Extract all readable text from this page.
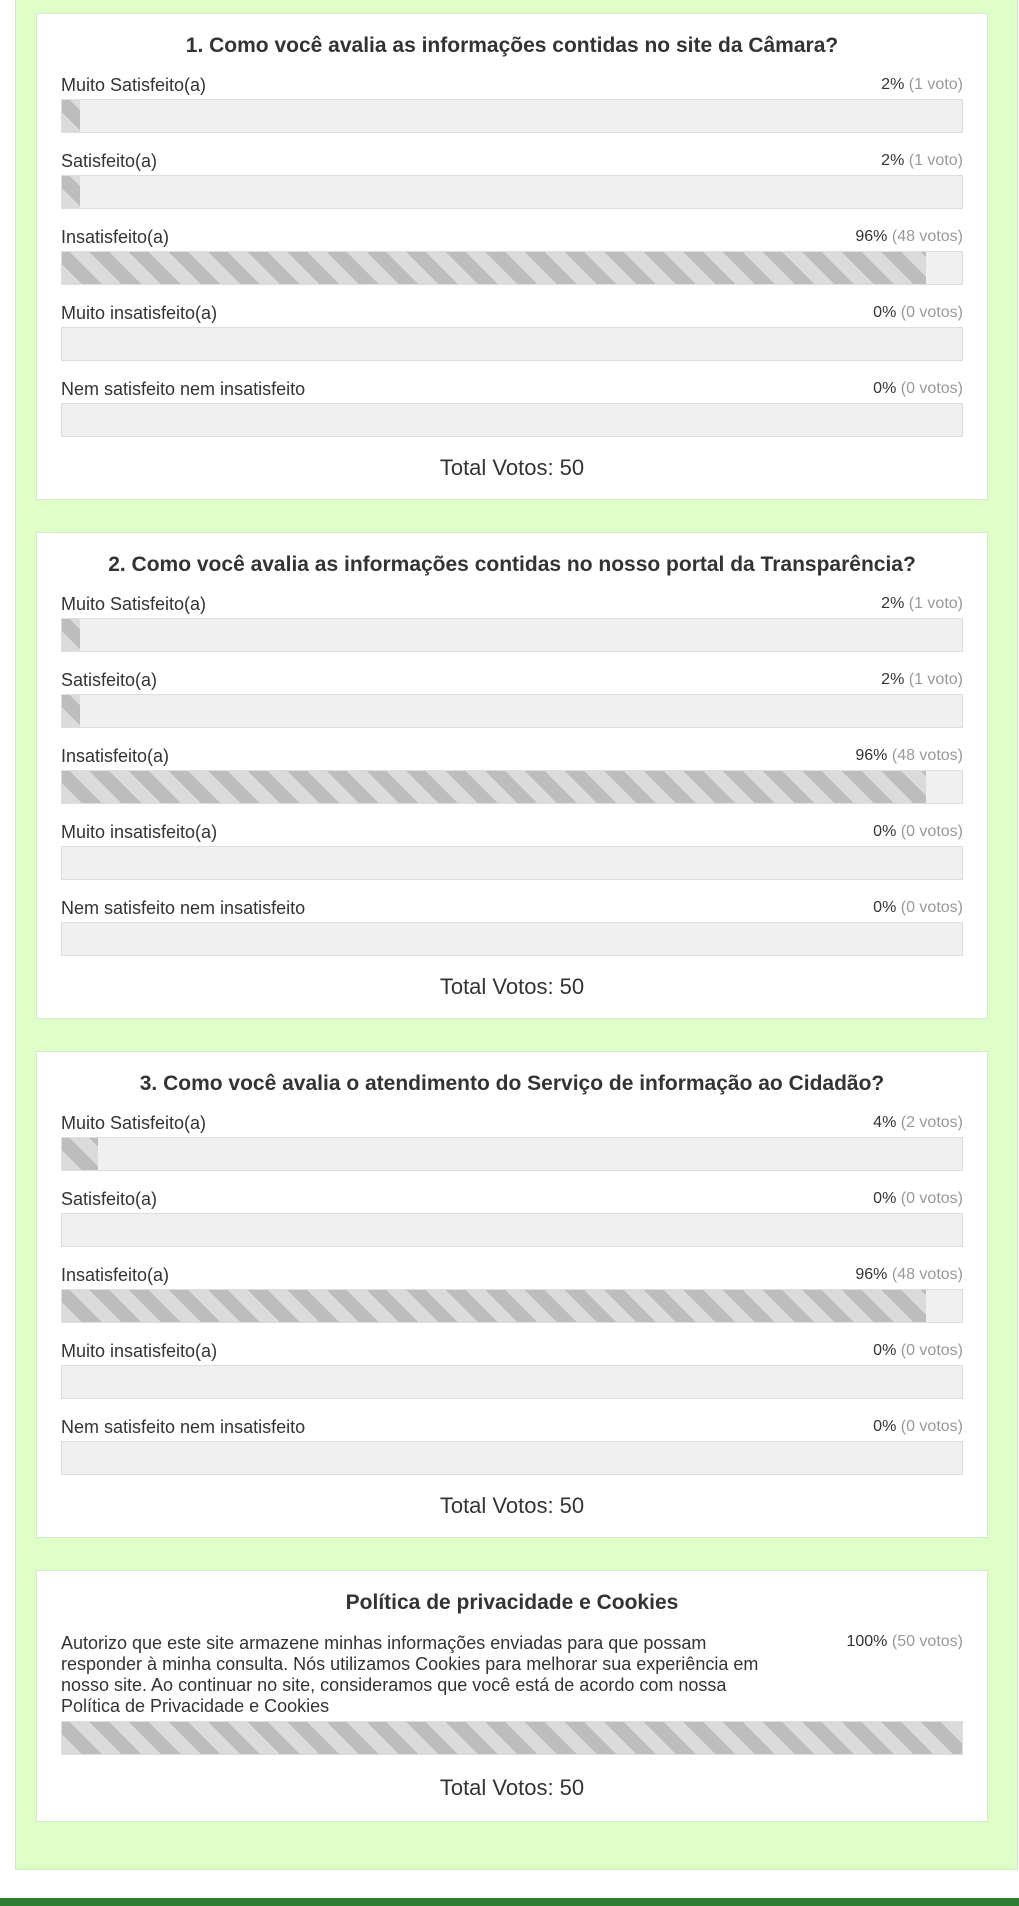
1. Como você avalia as informações contidas no site da Câmara?
Muito Satisfeito(a)	2% (1 voto)
Satisfeito(a)	2% (1 voto)
Insatisfeito(a)	96% (48 votos)
Muito insatisfeito(a)	0% (0 votos)
Nem satisfeito nem insatisfeito	0% (0 votos)
Total Votos: 50
2. Como você avalia as informações contidas no nosso portal da Transparência?
Muito Satisfeito(a)	2% (1 voto)
Satisfeito(a)	2% (1 voto)
Insatisfeito(a)	96% (48 votos)
Muito insatisfeito(a)	0% (0 votos)
Nem satisfeito nem insatisfeito	0% (0 votos)
Total Votos: 50
3. Como você avalia o atendimento do Serviço de informação ao Cidadão?
Muito Satisfeito(a)	4% (2 votos)
Satisfeito(a)	0% (0 votos)
Insatisfeito(a)	96% (48 votos)
Muito insatisfeito(a)	0% (0 votos)
Nem satisfeito nem insatisfeito	0% (0 votos)
Total Votos: 50
Política de privacidade e Cookies
Autorizo que este site armazene minhas informações enviadas para que possam responder à minha consulta. Nós utilizamos Cookies para melhorar sua experiência em nosso site. Ao continuar no site, consideramos que você está de acordo com nossa Política de Privacidade e Cookies
100% (50 votos)
Total Votos: 50
